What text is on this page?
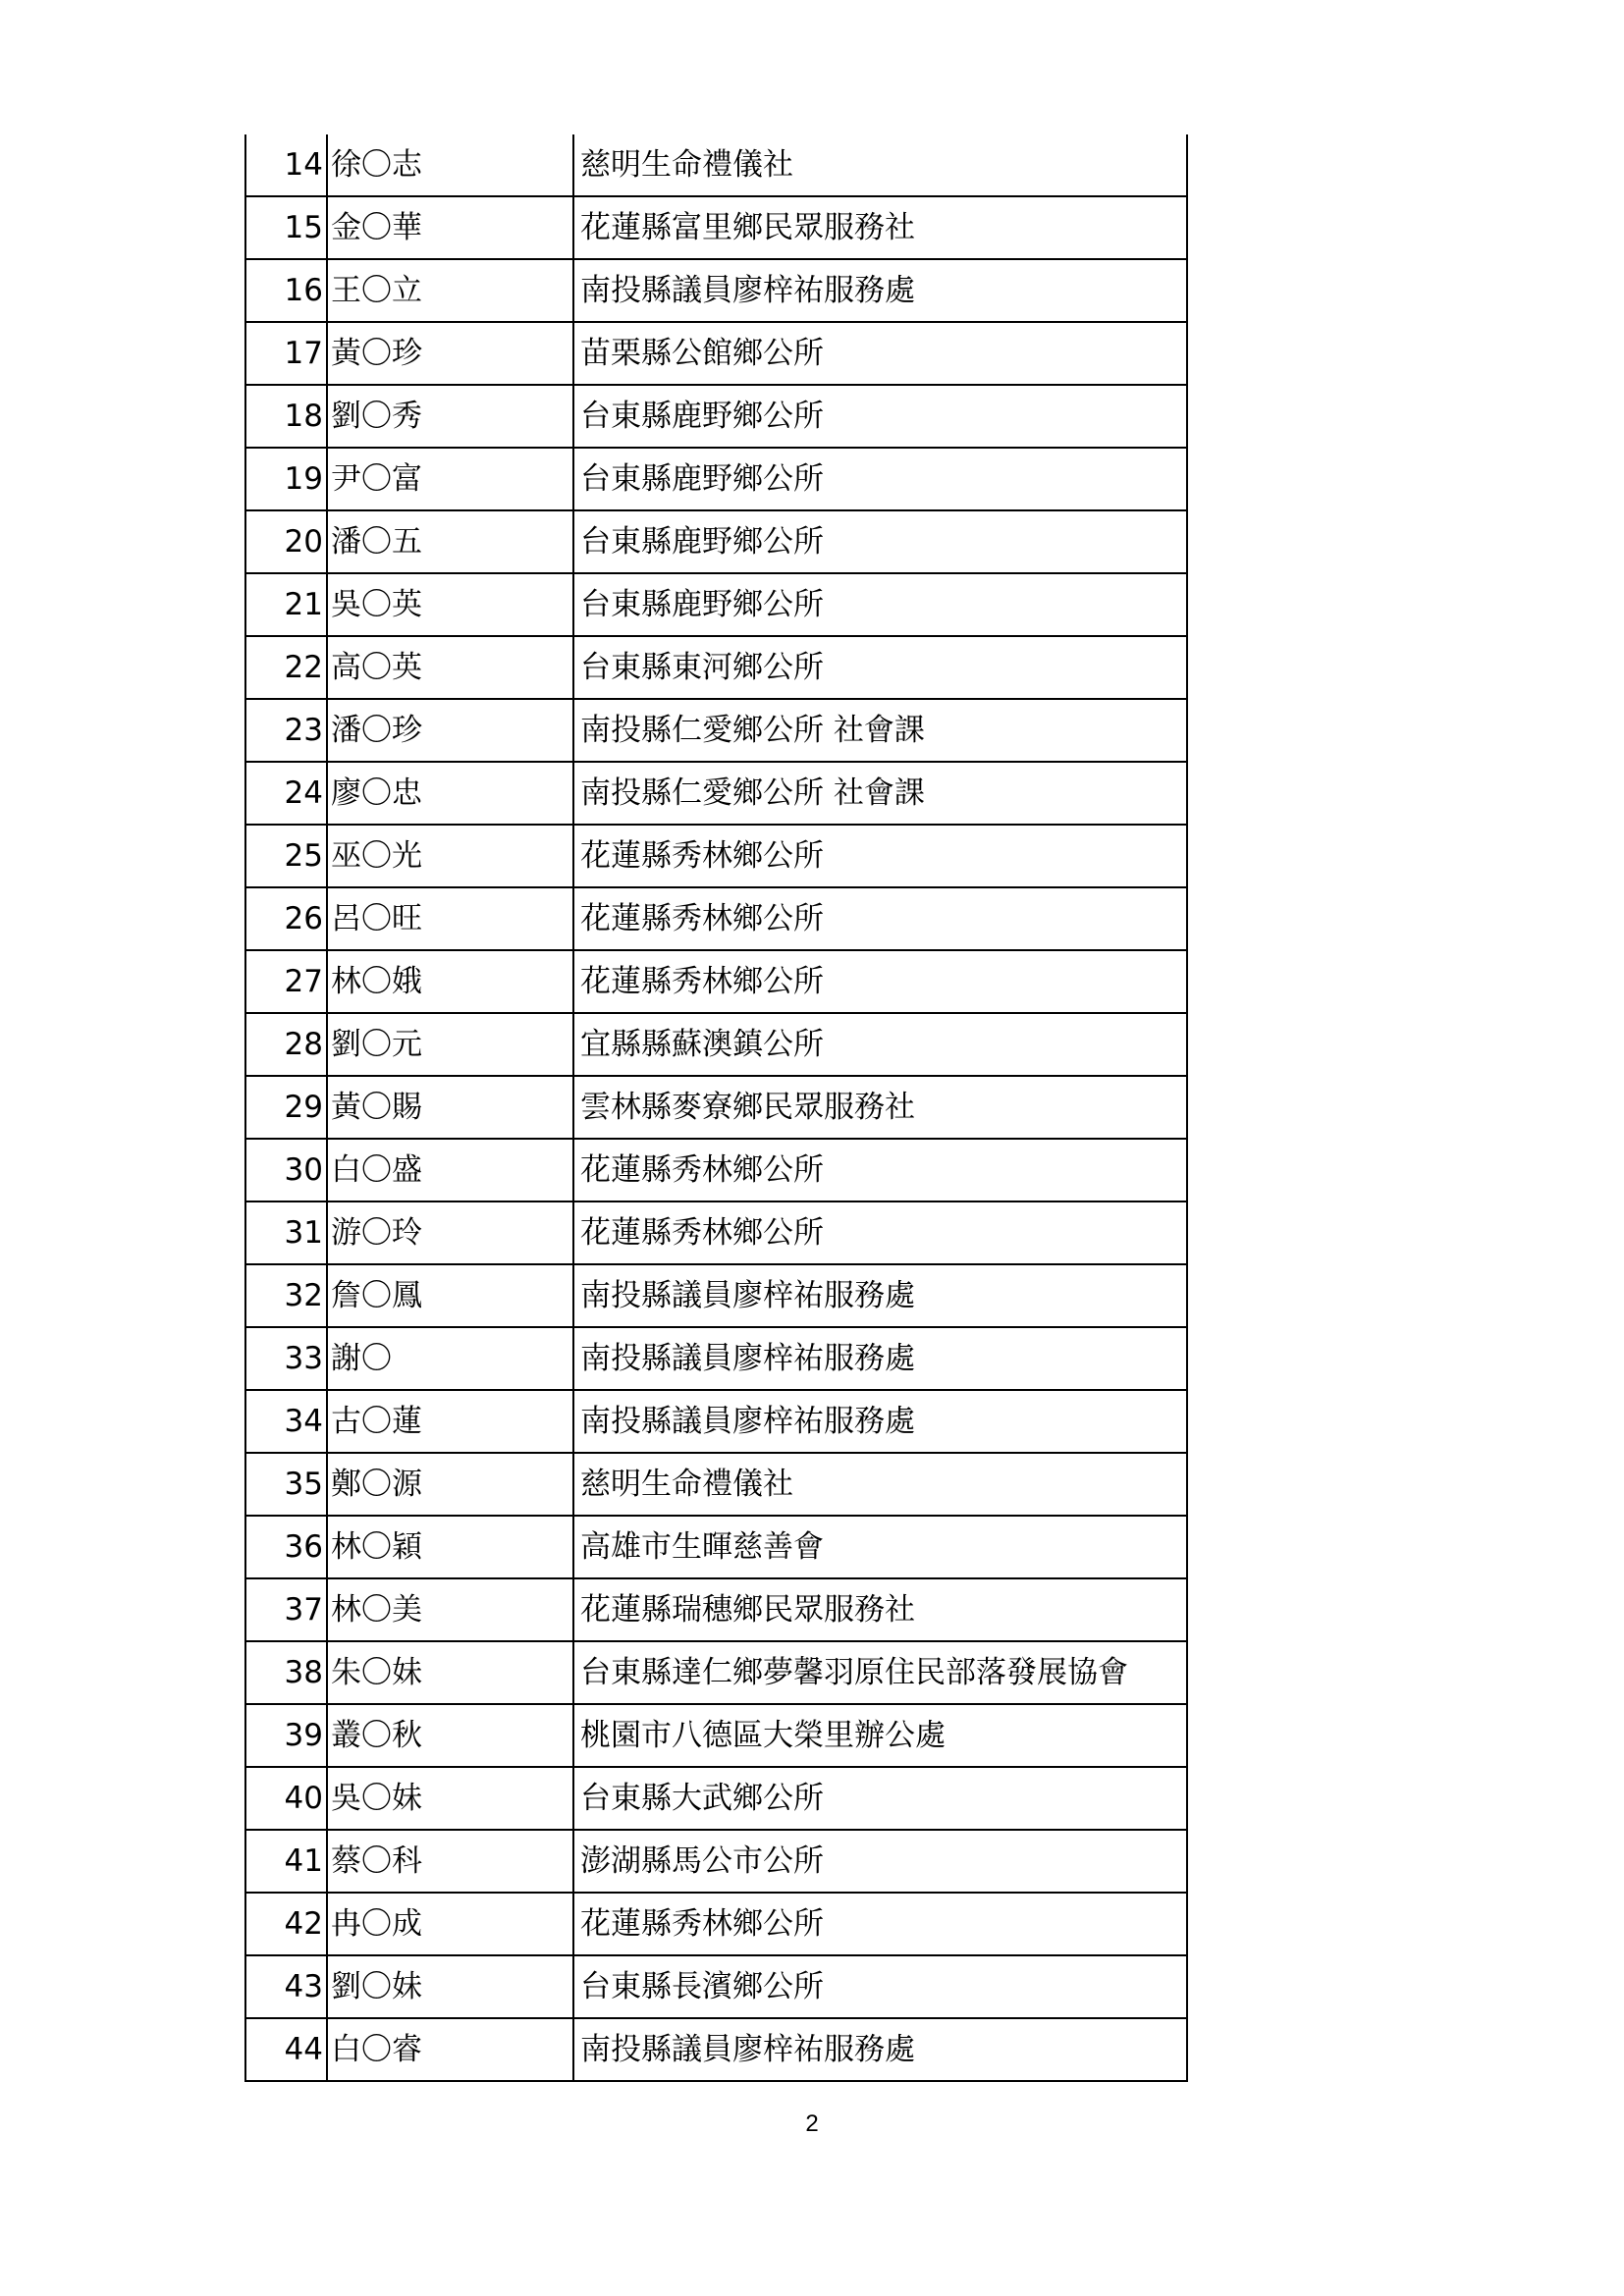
14	徐〇志	慈明生命禮儀社
15	金〇華	花蓮縣富里鄉民眾服務社
16	王〇立	南投縣議員廖梓祐服務處
17	黃〇珍	苗栗縣公館鄉公所
18	劉〇秀	台東縣鹿野鄉公所
19	尹〇富	台東縣鹿野鄉公所
20	潘〇五	台東縣鹿野鄉公所
21	吳〇英	台東縣鹿野鄉公所
22	高〇英	台東縣東河鄉公所
23	潘〇珍	南投縣仁愛鄉公所 社會課
24	廖〇忠	南投縣仁愛鄉公所 社會課
25	巫〇光	花蓮縣秀林鄉公所
26	呂〇旺	花蓮縣秀林鄉公所
27	林〇娥	花蓮縣秀林鄉公所
28	劉〇元	宜縣縣蘇澳鎮公所
29	黃〇賜	雲林縣麥寮鄉民眾服務社
30	白〇盛	花蓮縣秀林鄉公所
31	游〇玲	花蓮縣秀林鄉公所
32	詹〇鳳	南投縣議員廖梓祐服務處
33	謝〇	南投縣議員廖梓祐服務處
34	古〇蓮	南投縣議員廖梓祐服務處
35	鄭〇源	慈明生命禮儀社
36	林〇穎	高雄市生暉慈善會
37	林〇美	花蓮縣瑞穗鄉民眾服務社
38	朱〇妹	台東縣達仁鄉夢馨羽原住民部落發展協會
39	叢〇秋	桃園市八德區大榮里辦公處
40	吳〇妹	台東縣大武鄉公所
41	蔡〇科	澎湖縣馬公市公所
42	冉〇成	花蓮縣秀林鄉公所
43	劉〇妹	台東縣長濱鄉公所
44	白〇睿	南投縣議員廖梓祐服務處
2
